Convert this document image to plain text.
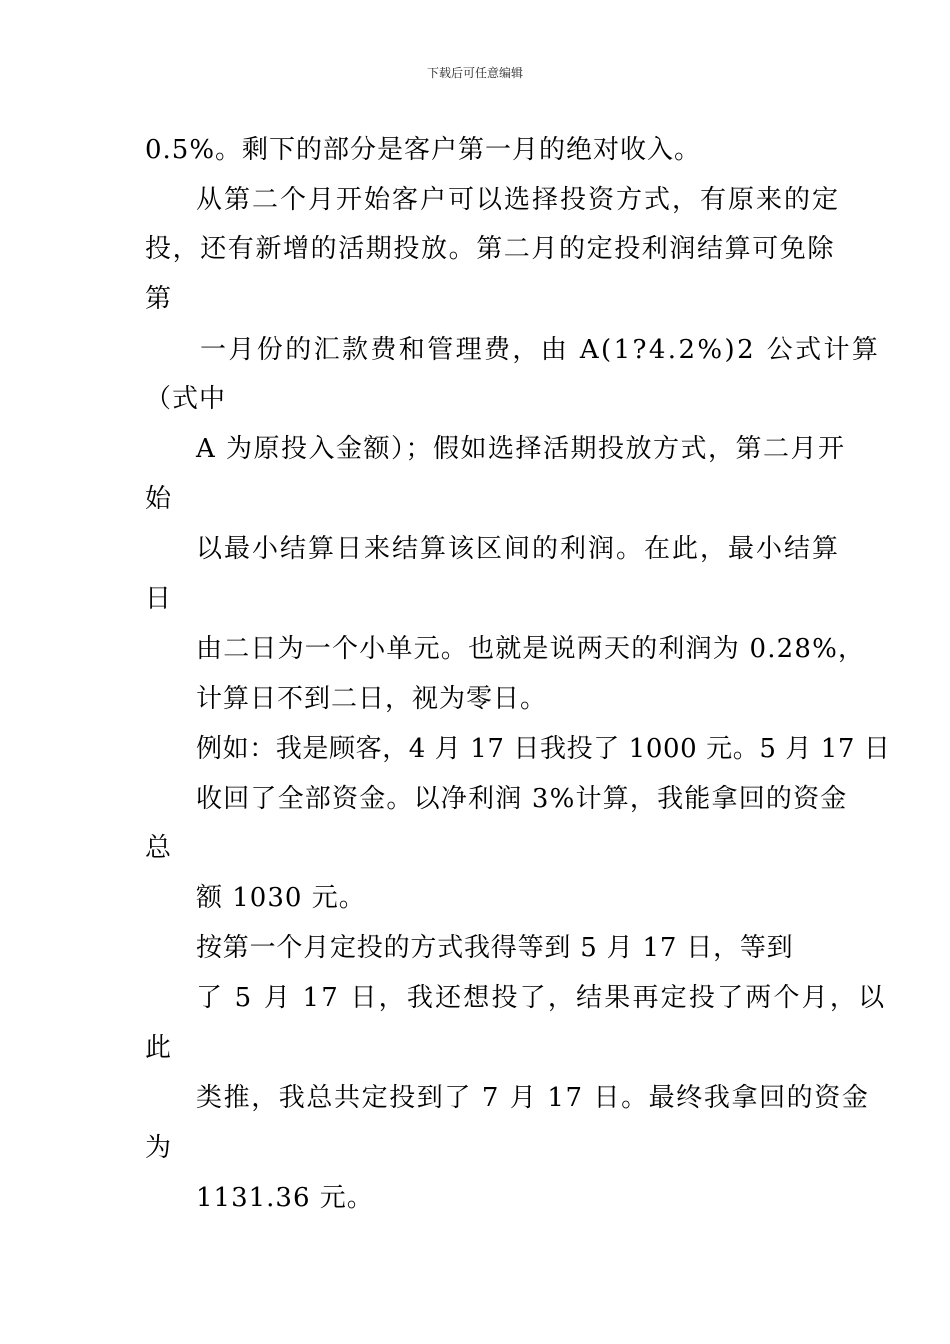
下载后可任意编辑
0.5%。剩下的部分是客户第一月的绝对收入。
从第二个月开始客户可以选择投资方式，有原来的定
投，还有新增的活期投放。第二月的定投利润结算可免除
第
一月份的汇款费和管理费，由 A(1?4.2%)2 公式计算
（式中
A 为原投入金额）；假如选择活期投放方式，第二月开
始
以最小结算日来结算该区间的利润。在此，最小结算
日
由二日为一个小单元。也就是说两天的利润为 0.28%，
计算日不到二日，视为零日。
例如：我是顾客，4 月 17 日我投了 1000 元。5 月 17 日
收回了全部资金。以净利润 3%计算，我能拿回的资金
总
额 1030 元。
按第一个月定投的方式我得等到 5 月 17 日，等到
了 5 月 17 日，我还想投了，结果再定投了两个月，以
此
类推，我总共定投到了 7 月 17 日。最终我拿回的资金
为
1131.36 元。
